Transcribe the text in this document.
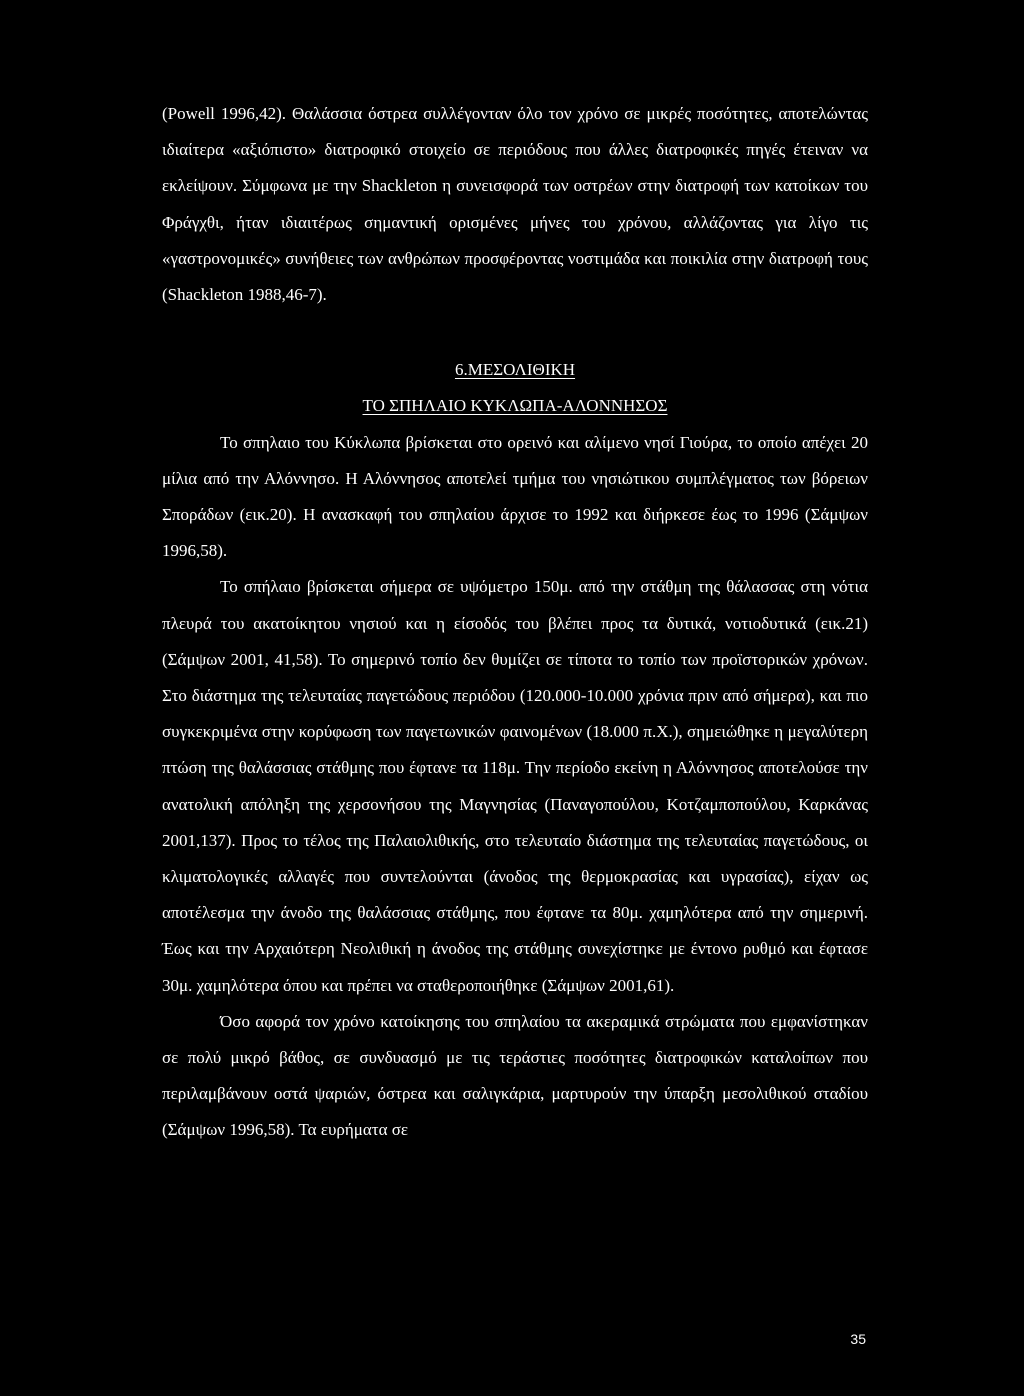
(Powell 1996,42). Θαλάσσια όστρεα συλλέγονταν όλο τον χρόνο σε μικρές ποσότητες, αποτελώντας ιδιαίτερα «αξιόπιστο» διατροφικό στοιχείο σε περιόδους που άλλες διατροφικές πηγές έτειναν να εκλείψουν. Σύμφωνα με την Shackleton η συνεισφορά των οστρέων στην διατροφή των κατοίκων του Φράγχθι, ήταν ιδιαιτέρως σημαντική ορισμένες μήνες του χρόνου, αλλάζοντας για λίγο τις «γαστρονομικές» συνήθειες των ανθρώπων προσφέροντας νοστιμάδα και ποικιλία στην διατροφή τους (Shackleton 1988,46-7).

6.ΜΕΣΟΛΙΘΙΚΗ

ΤΟ ΣΠΗΛΑΙΟ ΚΥΚΛΩΠΑ-ΑΛΟΝΝΗΣΟΣ

Το σπηλαιο του Κύκλωπα βρίσκεται στο ορεινό και αλίμενο νησί Γιούρα, το οποίο απέχει 20 μίλια από την Αλόννησο. Η Αλόννησος αποτελεί τμήμα του νησιώτικου συμπλέγματος των βόρειων Σποράδων (εικ.20). Η ανασκαφή του σπηλαίου άρχισε το 1992 και διήρκεσε έως το 1996 (Σάμψων 1996,58).

Το σπήλαιο βρίσκεται σήμερα σε υψόμετρο 150μ. από την στάθμη της θάλασσας στη νότια πλευρά του ακατοίκητου νησιού και η είσοδός του βλέπει προς τα δυτικά, νοτιοδυτικά (εικ.21)(Σάμψων 2001, 41,58). Το σημερινό τοπίο δεν θυμίζει σε τίποτα το τοπίο των προϊστορικών χρόνων. Στο διάστημα της τελευταίας παγετώδους περιόδου (120.000-10.000 χρόνια πριν από σήμερα), και πιο συγκεκριμένα στην κορύφωση των παγετωνικών φαινομένων (18.000 π.Χ.), σημειώθηκε η μεγαλύτερη πτώση της θαλάσσιας στάθμης που έφτανε τα 118μ. Την περίοδο εκείνη η Αλόννησος αποτελούσε την ανατολική απόληξη της χερσονήσου της Μαγνησίας (Παναγοπούλου, Κοτζαμποπούλου, Καρκάνας 2001,137). Προς το τέλος της Παλαιολιθικής, στο τελευταίο διάστημα της τελευταίας παγετώδους, οι κλιματολογικές αλλαγές που συντελούνται (άνοδος της θερμοκρασίας και υγρασίας), είχαν ως αποτέλεσμα την άνοδο της θαλάσσιας στάθμης, που έφτανε τα 80μ. χαμηλότερα από την σημερινή. Έως και την Αρχαιότερη Νεολιθική η άνοδος της στάθμης συνεχίστηκε με έντονο ρυθμό και έφτασε 30μ. χαμηλότερα όπου και πρέπει να σταθεροποιήθηκε (Σάμψων 2001,61).

Όσο αφορά τον χρόνο κατοίκησης του σπηλαίου τα ακεραμικά στρώματα που εμφανίστηκαν σε πολύ μικρό βάθος, σε συνδυασμό με τις τεράστιες ποσότητες διατροφικών καταλοίπων που περιλαμβάνουν οστά ψαριών, όστρεα και σαλιγκάρια, μαρτυρούν την ύπαρξη μεσολιθικού σταδίου (Σάμψων 1996,58). Τα ευρήματα σε

35
